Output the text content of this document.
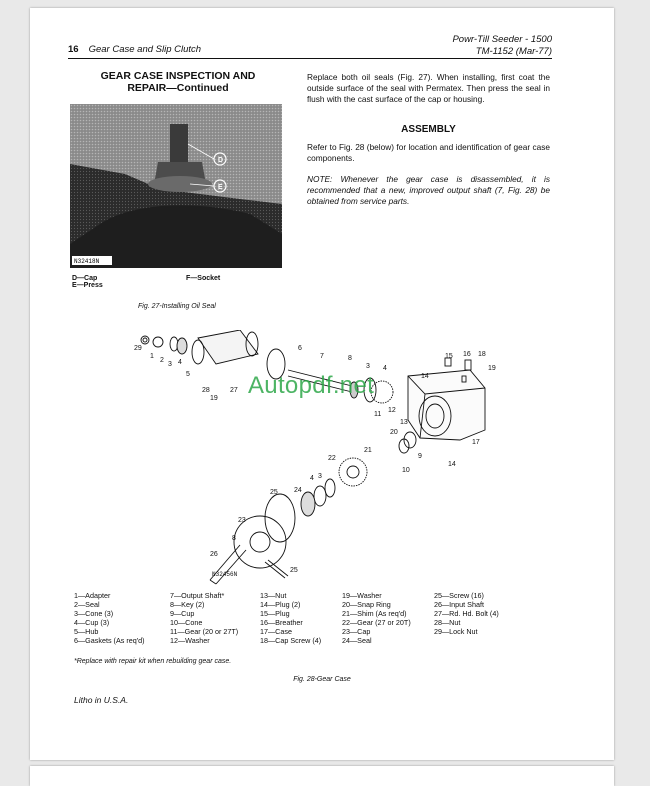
Powr-Till Seeder - 1500
TM-1152 (Mar-77)
16 Gear Case and Slip Clutch
GEAR CASE INSPECTION AND
REPAIR—Continued
D
E
N32418N
D—Cap
E—Press
F—Socket
Fig. 27-Installing Oil Seal

Replace both oil seals (Fig. 27). When installing, first coat the outside surface of the seal with Permatex. Then press the seal in flush with the cast surface of the cap or housing.

ASSEMBLY

Refer to Fig. 28 (below) for location and identification of gear case components.

NOTE: Whenever the gear case is disassembled, it is recommended that a new, improved output shaft (7, Fig. 28) be obtained from service parts.

29
1
2
3 4
5
6
7	8
3 4
28	27
19
15 16 18
19
14
13
11
12
20
9
10
21
22
17
14
3
4
24
23
8
26
25
25
N32456N
Autopdf.net
1—Adapter
2—Seal
3—Cone (3)
4—Cup (3)
5—Hub
6—Gaskets (As req'd)
7—Output Shaft*
8—Key (2)
9—Cup
10—Cone
11—Gear (20 or 27T)
12—Washer
13—Nut
14—Plug (2)
15—Plug
16—Breather
17—Case
18—Cap Screw (4)
19—Washer
20—Snap Ring
21—Shim (As req'd)
22—Gear (27 or 20T)
23—Cap
24—Seal
25—Screw (16)
26—Input Shaft
27—Rd. Hd. Bolt (4)
28—Nut
29—Lock Nut
*Replace with repair kit when rebuilding gear case.
Fig. 28-Gear Case
Litho in U.S.A.
